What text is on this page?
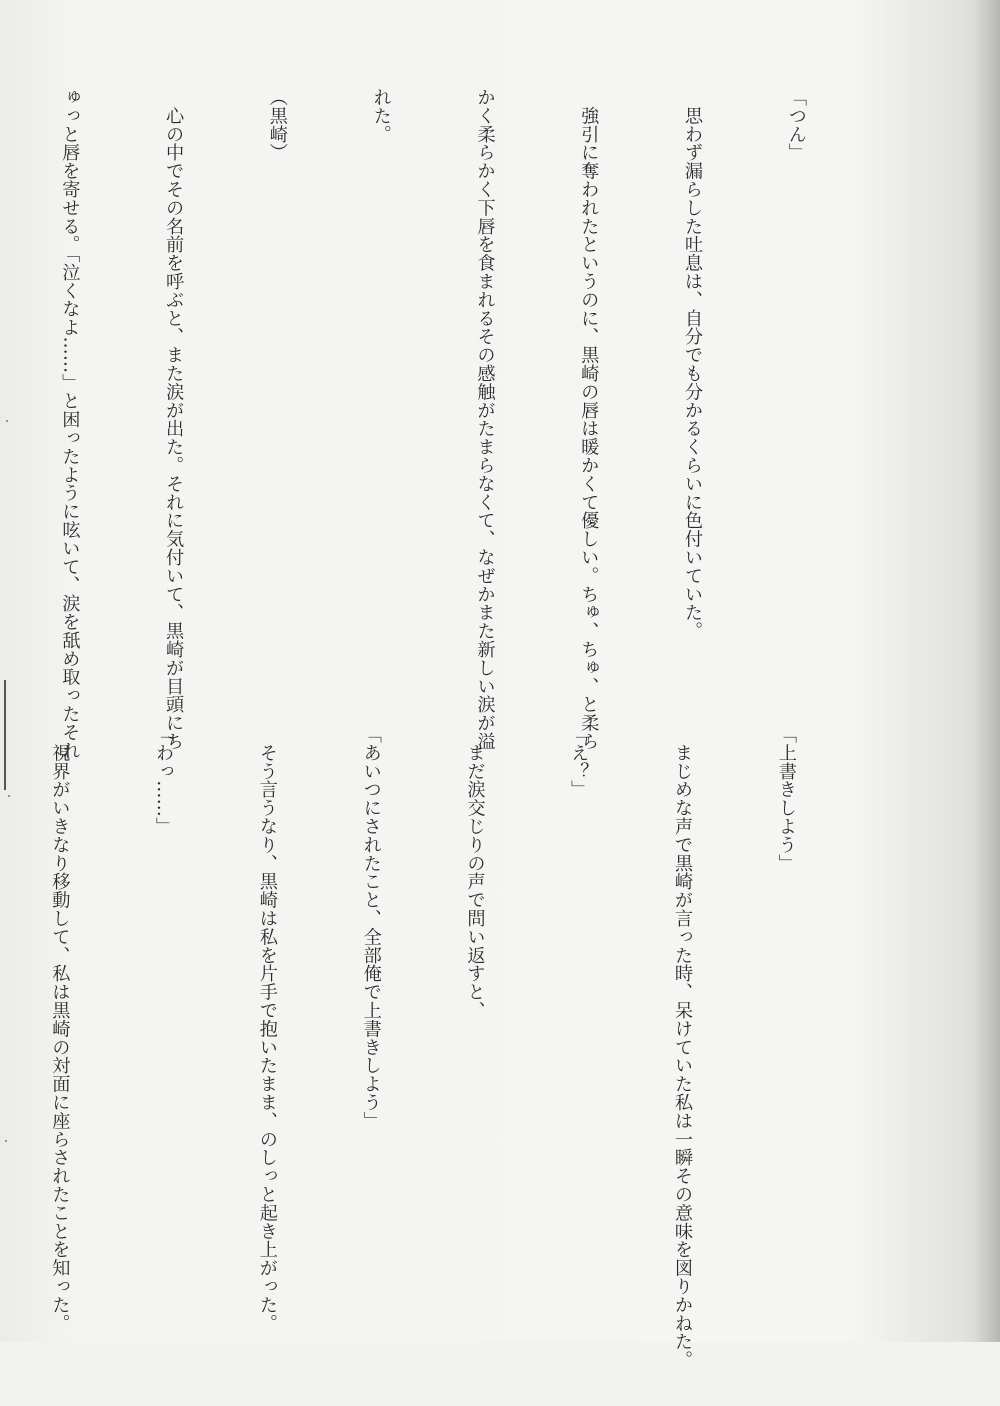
「つん」

　思わず漏らした吐息は、自分でも分かるくらいに色付いていた。

　強引に奪われたというのに、黒崎の唇は暖かくて優しい。ちゅ、ちゅ、と柔ら

かく柔らかく下唇を食まれるその感触がたまらなくて、なぜかまた新しい涙が溢

れた。

（黒崎）

　心の中でその名前を呼ぶと、また涙が出た。それに気付いて、黒崎が目頭にち

ゅっと唇を寄せる。「泣くなよ……」と困ったように呟いて、涙を舐め取ったそれ

「上書きしよう」

　まじめな声で黒崎が言った時、呆けていた私は一瞬その意味を図りかねた。

「え？」

　まだ涙交じりの声で問い返すと、

「あいつにされたこと、全部俺で上書きしよう」

　そう言うなり、黒崎は私を片手で抱いたまま、のしっと起き上がった。

「わっ……」

　視界がいきなり移動して、私は黒崎の対面に座らされたことを知った。
